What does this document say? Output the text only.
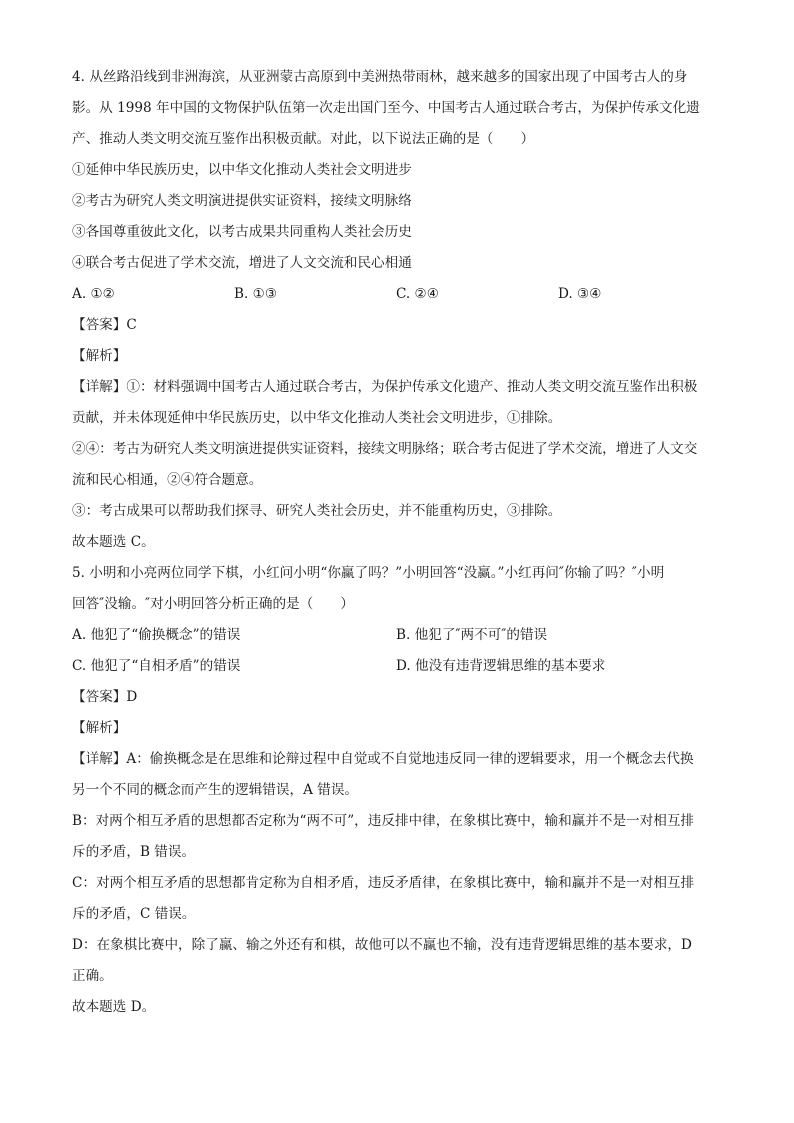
4. 从丝路沿线到非洲海滨，从亚洲蒙古高原到中美洲热带雨林，越来越多的国家出现了中国考古人的身
影。从 1998 年中国的文物保护队伍第一次走出国门至今、中国考古人通过联合考古，为保护传承文化遗
产、推动人类文明交流互鉴作出积极贡献。对此，以下说法正确的是（　　）
①延伸中华民族历史，以中华文化推动人类社会文明进步
②考古为研究人类文明演进提供实证资料，接续文明脉络
③各国尊重彼此文化，以考古成果共同重构人类社会历史
④联合考古促进了学术交流，增进了人文交流和民心相通
A. ①②	B. ①③	C. ②④	D. ③④
【答案】C
【解析】
【详解】①：材料强调中国考古人通过联合考古，为保护传承文化遗产、推动人类文明交流互鉴作出积极
贡献，并未体现延伸中华民族历史，以中华文化推动人类社会文明进步，①排除。
②④：考古为研究人类文明演进提供实证资料，接续文明脉络；联合考古促进了学术交流，增进了人文交
流和民心相通，②④符合题意。
③：考古成果可以帮助我们探寻、研究人类社会历史，并不能重构历史，③排除。
故本题选 C。
5. 小明和小亮两位同学下棋，小红问小明“你赢了吗？”小明回答“没赢。”小红再问″你输了吗？″小明
回答″没输。″对小明回答分析正确的是（　　）
A. 他犯了“偷换概念”的错误	B. 他犯了″两不可″的错误
C. 他犯了“自相矛盾”的错误	D. 他没有违背逻辑思维的基本要求
【答案】D
【解析】
【详解】A：偷换概念是在思维和论辩过程中自觉或不自觉地违反同一律的逻辑要求，用一个概念去代换
另一个不同的概念而产生的逻辑错误，A 错误。
B：对两个相互矛盾的思想都否定称为“两不可”，违反排中律，在象棋比赛中，输和赢并不是一对相互排
斥的矛盾，B 错误。
C：对两个相互矛盾的思想都肯定称为自相矛盾，违反矛盾律，在象棋比赛中，输和赢并不是一对相互排
斥的矛盾，C 错误。
D：在象棋比赛中，除了赢、输之外还有和棋，故他可以不赢也不输，没有违背逻辑思维的基本要求，D
正确。
故本题选 D。
